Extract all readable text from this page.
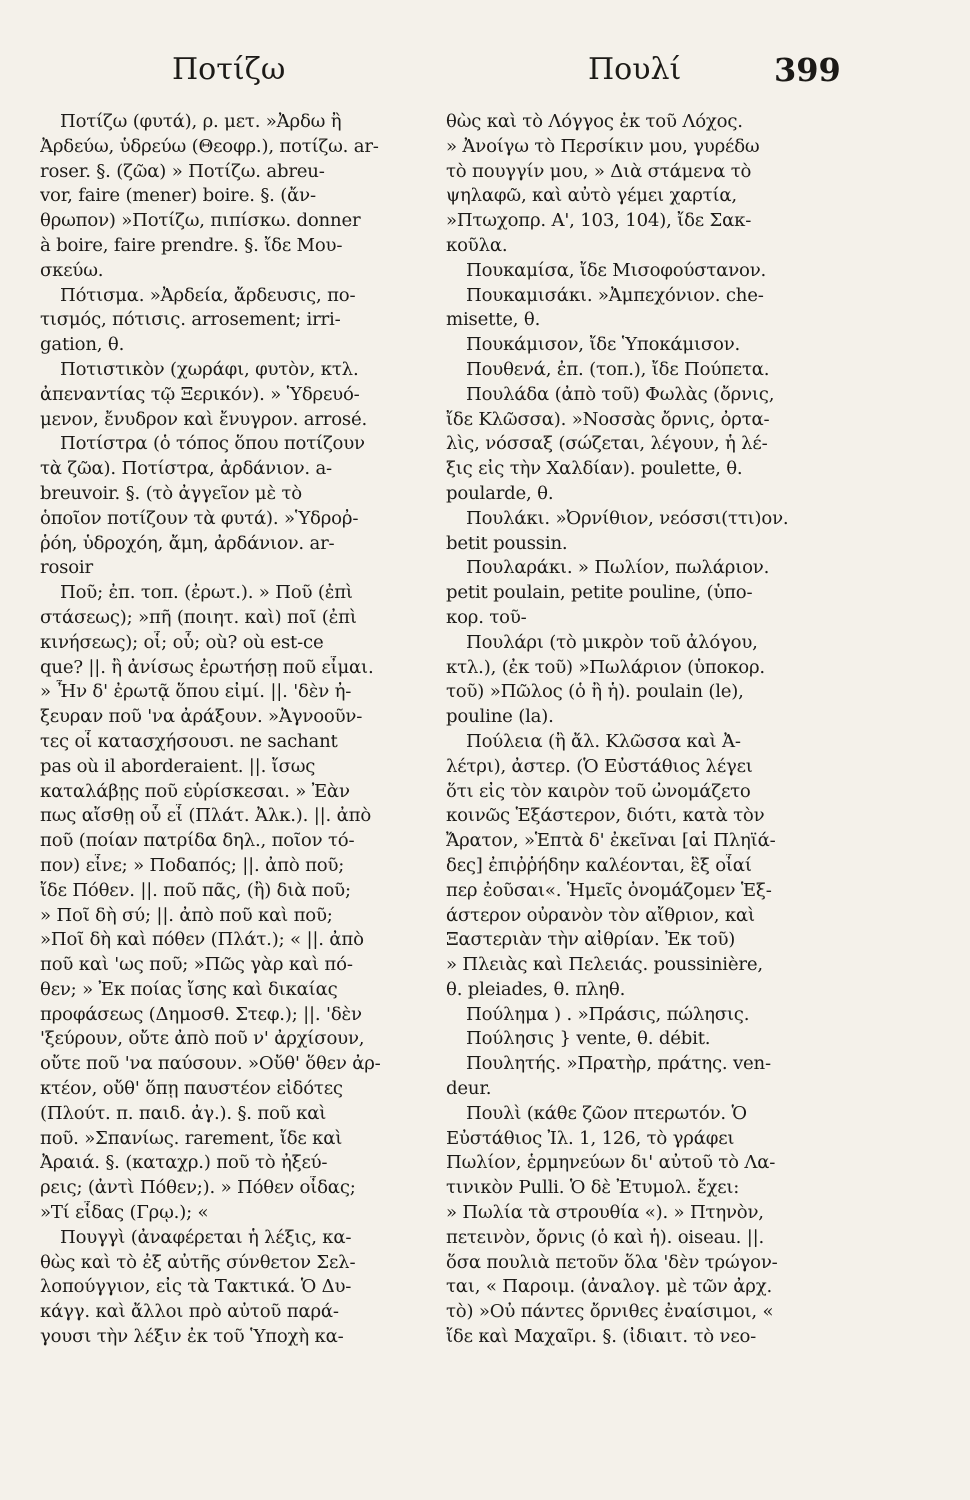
Ποτίζω	Πουλί	399
Ποτίζω (φυτά), ρ. μετ. »Ἀρδω ἢ
Ἀρδεύω, ὑδρεύω (Θεοφρ.), ποτίζω. ar-
roser. §. (ζῶα) » Ποτίζω. abreu-
vor, faire (mener) boire. §. (ἄν-
θρωπον) »Ποτίζω, πιπίσκω. donner
à boire, faire prendre. §. ἴδε Μου-
σκεύω.
Πότισμα. »Ἀρδεία, ἄρδευσις, πο-
τισμός, πότισις. arrosement; irri-
gation, θ.
Ποτιστικὸν (χωράφι, φυτὸν, κτλ.
ἀπεναντίας τῷ Ξερικόν). » Ὑδρευό-
μενον, ἔνυδρον καὶ ἔνυγρον. arrosé.
Ποτίστρα (ὁ τόπος ὅπου ποτίζουν
τὰ ζῶα). Ποτίστρα, ἀρδάνιον. a-
breuvoir. §. (τὸ ἀγγεῖον μὲ τὸ
ὁποῖον ποτίζουν τὰ φυτά). »Ὑδροῤ-
ῥόη, ὑδροχόη, ἄμη, ἀρδάνιον. ar-
rosoir
Ποῦ; ἐπ. τοπ. (ἐρωτ.). » Ποῦ (ἐπὶ
στάσεως); »πῆ (ποιητ. καὶ) ποῖ (ἐπὶ
κινήσεως); οἷ; οὗ; où? où est-ce
que? ||. ἢ ἀνίσως ἐρωτήσῃ ποῦ εἶμαι.
» Ἦν δ' ἐρωτᾷ ὅπου εἰμί. ||. 'δὲν ἠ-
ξευραν ποῦ 'να ἀράξουν. »Ἀγνοοῦν-
τες οἷ κατασχήσουσι. ne sachant
pas où il aborderaient. ||. ἴσως
καταλάβῃς ποῦ εὑρίσκεσαι. » Ἐὰν
πως αἴσθῃ οὗ εἶ (Πλάτ. Ἀλκ.). ||. ἀπὸ
ποῦ (ποίαν πατρίδα δηλ., ποῖον τό-
πον) εἶνε; » Ποδαπός; ||. ἀπὸ ποῦ;
ἴδε Πόθεν. ||. ποῦ πᾶς, (ἢ) διὰ ποῦ;
» Ποῖ δὴ σύ; ||. ἀπὸ ποῦ καὶ ποῦ;
»Ποῖ δὴ καὶ πόθεν (Πλάτ.); « ||. ἀπὸ
ποῦ καὶ 'ως ποῦ; »Πῶς γὰρ καὶ πό-
θεν; » Ἐκ ποίας ἴσης καὶ δικαίας
προφάσεως (Δημοσθ. Στεφ.); ||. 'δὲν
'ξεύρουν, οὔτε ἀπὸ ποῦ ν' ἀρχίσουν,
οὔτε ποῦ 'να παύσουν. »Οὔθ' ὅθεν ἀρ-
κτέον, οὔθ' ὅπῃ παυστέον εἰδότες
(Πλούτ. π. παιδ. ἀγ.). §. ποῦ καὶ
ποῦ. »Σπανίως. rarement, ἴδε καὶ
Ἀραιά. §. (καταχρ.) ποῦ τὸ ἠξεύ-
ρεις; (ἀντὶ Πόθεν;). » Πόθεν οἶδας;
»Τί εἶδας (Γρῳ.); «
Πουγγὶ (ἀναφέρεται ἡ λέξις, κα-
θὼς καὶ τὸ ἐξ αὐτῆς σύνθετον Σελ-
λοπούγγιον, εἰς τὰ Τακτικά. Ὁ Δυ-
κάγγ. καὶ ἄλλοι πρὸ αὐτοῦ παρά-
γουσι τὴν λέξιν ἐκ τοῦ Ὑποχὴ κα-
θὼς καὶ τὸ Λόγγος ἐκ τοῦ Λόχος.
» Ἀνοίγω τὸ Περσίκιν μου, γυρέδω
τὸ πουγγίν μου, » Διὰ στάμενα τὸ
ψηλαφῶ, καὶ αὐτὸ γέμει χαρτία,
»Πτωχοπρ. Α', 103, 104), ἴδε Σακ-
κοῦλα.
Πουκαμίσα, ἴδε Μισοφούστανον.
Πουκαμισάκι. »Ἀμπεχόνιον. che-
misette, θ.
Πουκάμισον, ἴδε Ὑποκάμισον.
Πουθενά, ἐπ. (τοπ.), ἴδε Πούπετα.
Πουλάδα (ἀπὸ τοῦ) Φωλὰς (ὄρνις,
ἴδε Κλῶσσα). »Νοσσὰς ὄρνις, ὀρτα-
λὶς, νόσσαξ (σώζεται, λέγουν, ἡ λέ-
ξις εἰς τὴν Χαλδίαν). poulette, θ.
poularde, θ.
Πουλάκι. »Ὀρνίθιον, νεόσσι(ττι)ον.
betit poussin.
Πουλαράκι. » Πωλίον, πωλάριον.
petit poulain, petite pouline, (ὑπο-
κορ. τοῦ-
Πουλάρι (τὸ μικρὸν τοῦ ἀλόγου,
κτλ.), (ἐκ τοῦ) »Πωλάριον (ὑποκορ.
τοῦ) »Πῶλος (ὁ ἢ ἡ). poulain (le),
pouline (la).
Πούλεια (ἢ ἄλ. Κλῶσσα καὶ Ἀ-
λέτρι), ἀστερ. (Ὁ Εὐστάθιος λέγει
ὅτι εἰς τὸν καιρὸν τοῦ ὠνομάζετο
κοινῶς Ἑξάστερον, διότι, κατὰ τὸν
Ἄρατον, »Ἑπτὰ δ' ἐκεῖναι [αἱ Πληϊά-
δες] ἐπιῤῥήδην καλέονται, ἓξ οἶαί
περ ἐοῦσαι«. Ἡμεῖς ὀνομάζομεν Ἑξ-
άστερον οὐρανὸν τὸν αἴθριον, καὶ
Ξαστεριὰν τὴν αἰθρίαν. Ἐκ τοῦ)
» Πλειὰς καὶ Πελειάς. poussinière,
θ. pleiades, θ. πληθ.
Πούλημα ) . »Πράσις, πώλησις.
Πούλησις } vente, θ. débit.
Πουλητής. »Πρατὴρ, πράτης. ven-
deur.
Πουλὶ (κάθε ζῶον πτερωτόν. Ὁ
Εὐστάθιος Ἰλ. 1, 126, τὸ γράφει
Πωλίον, ἑρμηνεύων δι' αὐτοῦ τὸ Λα-
τινικὸν Pulli. Ὁ δὲ Ἐτυμολ. ἔχει:
» Πωλία τὰ στρουθία «). » Πτηνὸν,
πετεινὸν, ὄρνις (ὁ καὶ ἡ). oiseau. ||.
ὅσα πουλιὰ πετοῦν ὅλα 'δὲν τρώγον-
ται, « Παροιμ. (ἀναλογ. μὲ τῶν ἀρχ.
τὸ) »Οὐ πάντες ὄρνιθες ἐναίσιμοι, «
ἴδε καὶ Μαχαῖρι. §. (ἰδιαιτ. τὸ νεο-
